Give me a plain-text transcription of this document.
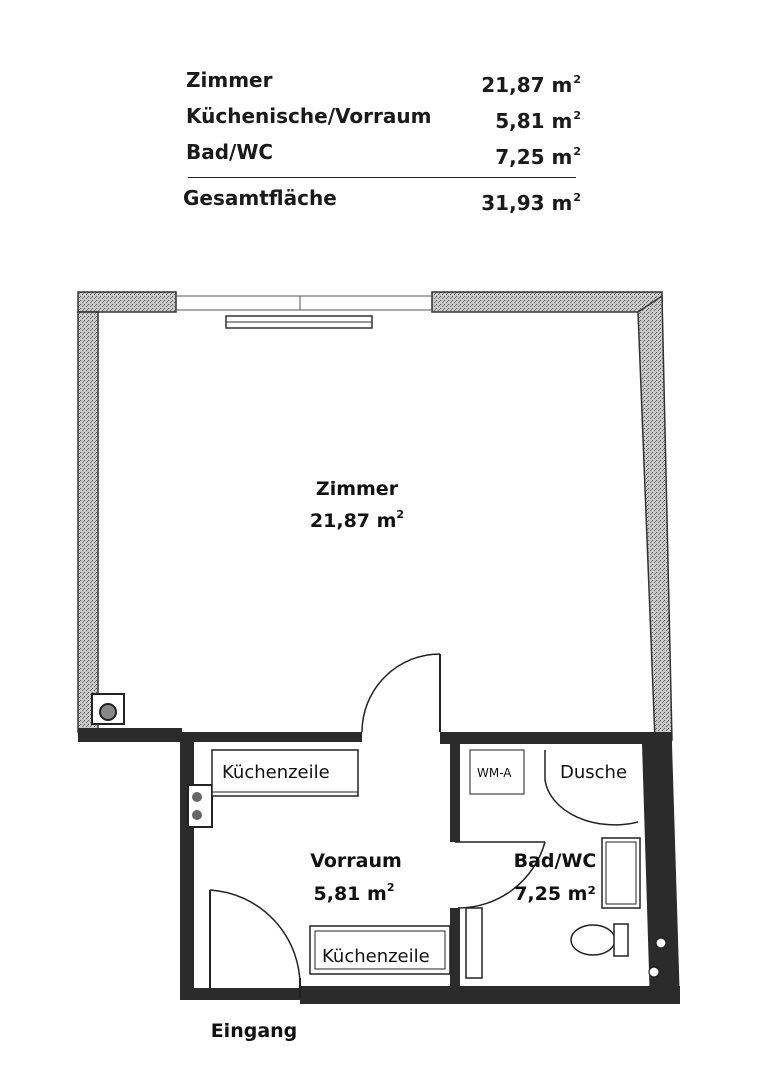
Zimmer	21,87 $m^2$
Küchenische/Vorraum	5,81 $m^2$
Bad/WC	7,25 $m^2$
Gesamtfläche	31,93 $m^2$
Küchenzeile
Küchenzeile
WM-A	Dusche
Zimmer
21,87 $m^2$
Vorraum
5,81 $m^2$
Bad/WC
7,25 m²
Eingang
